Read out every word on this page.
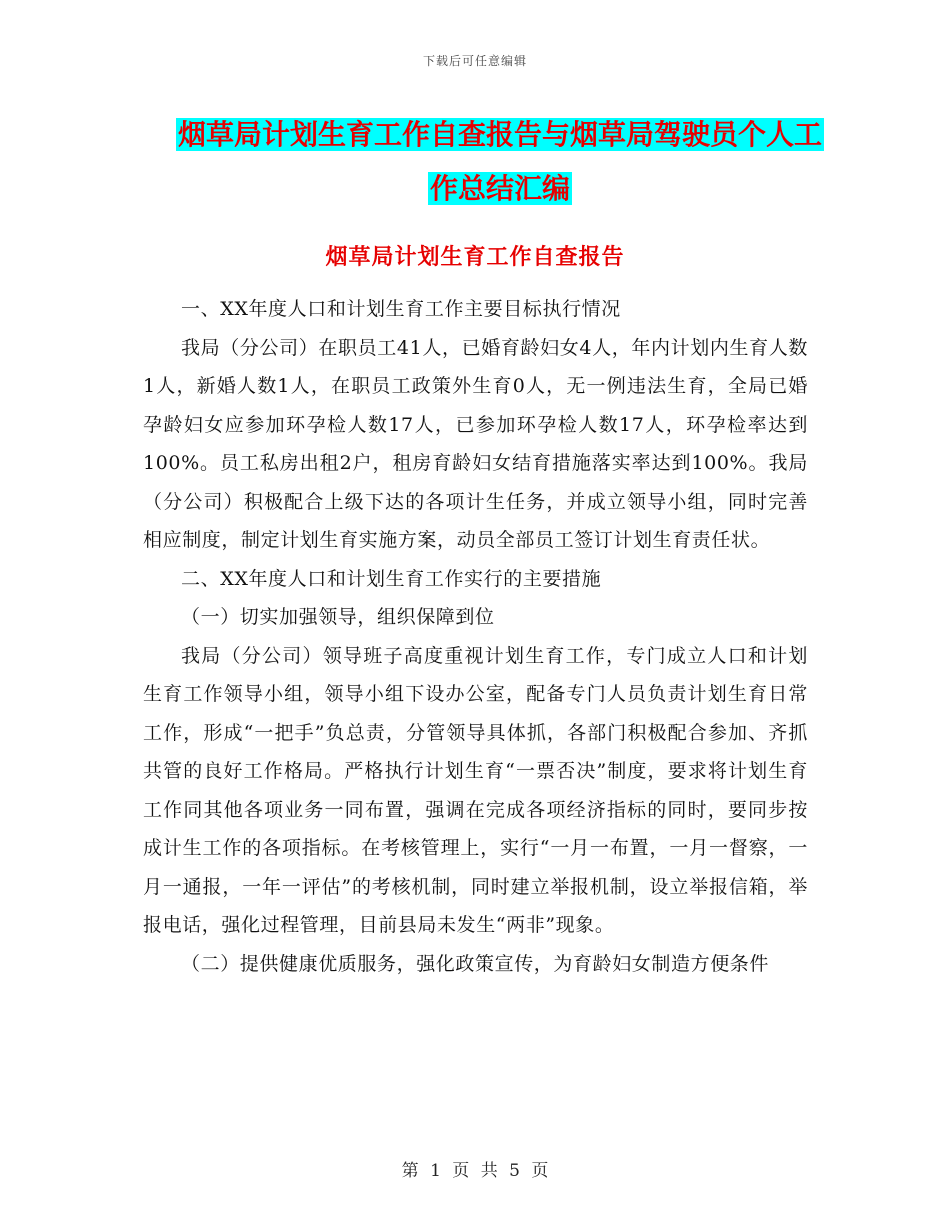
下载后可任意编辑
烟草局计划生育工作自查报告与烟草局驾驶员个人工
作总结汇编
烟草局计划生育工作自查报告

一、XX年度人口和计划生育工作主要目标执行情况

我局（分公司）在职员工41人，已婚育龄妇女4人，年内计划内生育人数1人，新婚人数1人，在职员工政策外生育0人，无一例违法生育，全局已婚孕龄妇女应参加环孕检人数17人，已参加环孕检人数17人，环孕检率达到100%。员工私房出租2户，租房育龄妇女结育措施落实率达到100%。我局（分公司）积极配合上级下达的各项计生任务，并成立领导小组，同时完善相应制度，制定计划生育实施方案，动员全部员工签订计划生育责任状。

二、XX年度人口和计划生育工作实行的主要措施

（一）切实加强领导，组织保障到位

我局（分公司）领导班子高度重视计划生育工作，专门成立人口和计划生育工作领导小组，领导小组下设办公室，配备专门人员负责计划生育日常工作，形成“一把手”负总责，分管领导具体抓，各部门积极配合参加、齐抓共管的良好工作格局。严格执行计划生育“一票否决”制度，要求将计划生育工作同其他各项业务一同布置，强调在完成各项经济指标的同时，要同步按成计生工作的各项指标。在考核管理上，实行“一月一布置，一月一督察，一月一通报，一年一评估”的考核机制，同时建立举报机制，设立举报信箱，举报电话，强化过程管理，目前县局未发生“两非”现象。

（二）提供健康优质服务，强化政策宣传，为育龄妇女制造方便条件

第 1 页 共 5 页
